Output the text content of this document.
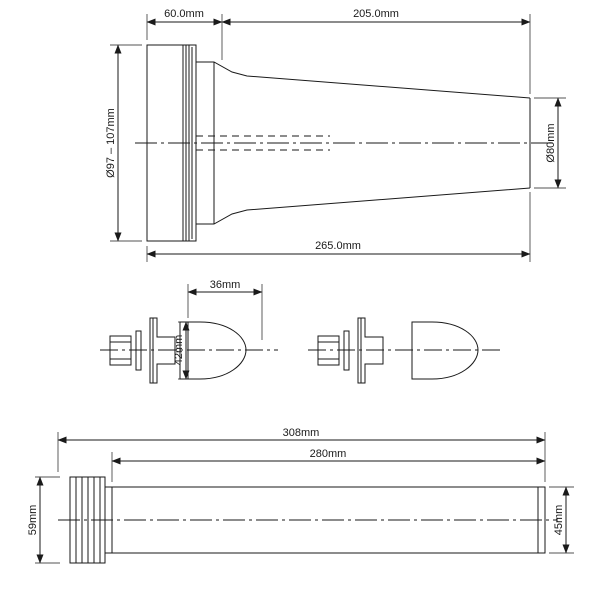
60.0mm	205.0mm
265.0mm
Ø97 – 107mm	Ø80mm
36mm
42mm
308mm
280mm
59mm	45mm
